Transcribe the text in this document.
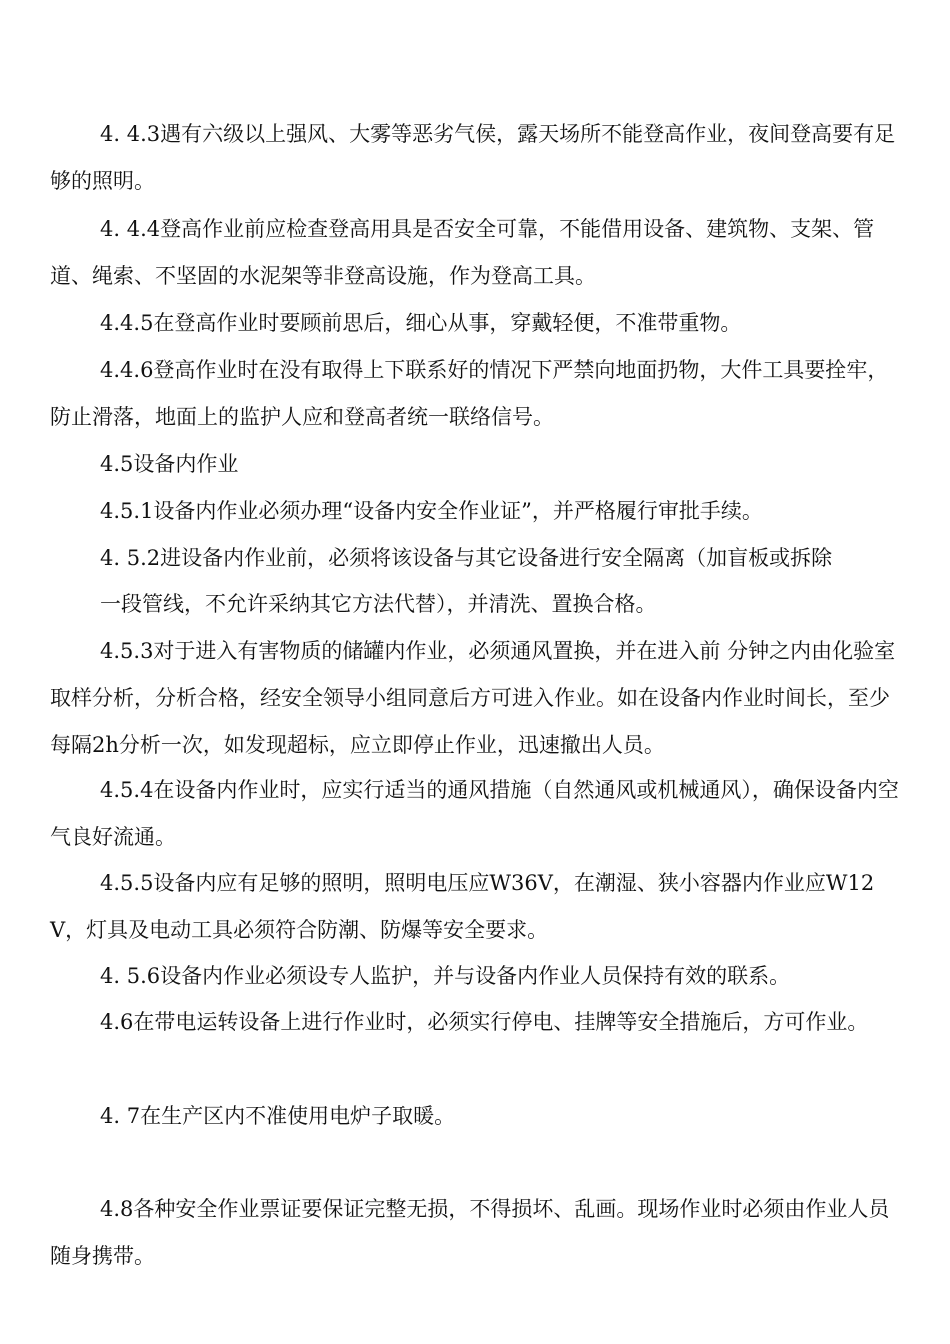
4. 4.3遇有六级以上强风、大雾等恶劣气侯，露天场所不能登高作业，夜间登高要有足够的照明。

4. 4.4登高作业前应检查登高用具是否安全可靠，不能借用设备、建筑物、支架、管道、绳索、不坚固的水泥架等非登高设施，作为登高工具。

4.4.5在登高作业时要顾前思后，细心从事，穿戴轻便，不准带重物。

4.4.6登高作业时在没有取得上下联系好的情况下严禁向地面扔物，大件工具要拴牢，防止滑落，地面上的监护人应和登高者统一联络信号。

4.5设备内作业

4.5.1设备内作业必须办理“设备内安全作业证”，并严格履行审批手续。

4. 5.2进设备内作业前，必须将该设备与其它设备进行安全隔离（加盲板或拆除

一段管线，不允许采纳其它方法代替），并清洗、置换合格。

4.5.3对于进入有害物质的储罐内作业，必须通风置换，并在进入前 分钟之内由化验室取样分析，分析合格，经安全领导小组同意后方可进入作业。如在设备内作业时间长，至少每隔2h分析一次，如发现超标，应立即停止作业，迅速撤出人员。

4.5.4在设备内作业时，应实行适当的通风措施（自然通风或机械通风），确保设备内空气良好流通。

4.5.5设备内应有足够的照明，照明电压应W36V，在潮湿、狭小容器内作业应W12V，灯具及电动工具必须符合防潮、防爆等安全要求。

4. 5.6设备内作业必须设专人监护，并与设备内作业人员保持有效的联系。

4.6在带电运转设备上进行作业时，必须实行停电、挂牌等安全措施后，方可作业。

4. 7在生产区内不准使用电炉子取暖。

4.8各种安全作业票证要保证完整无损，不得损坏、乱画。现场作业时必须由作业人员随身携带。
